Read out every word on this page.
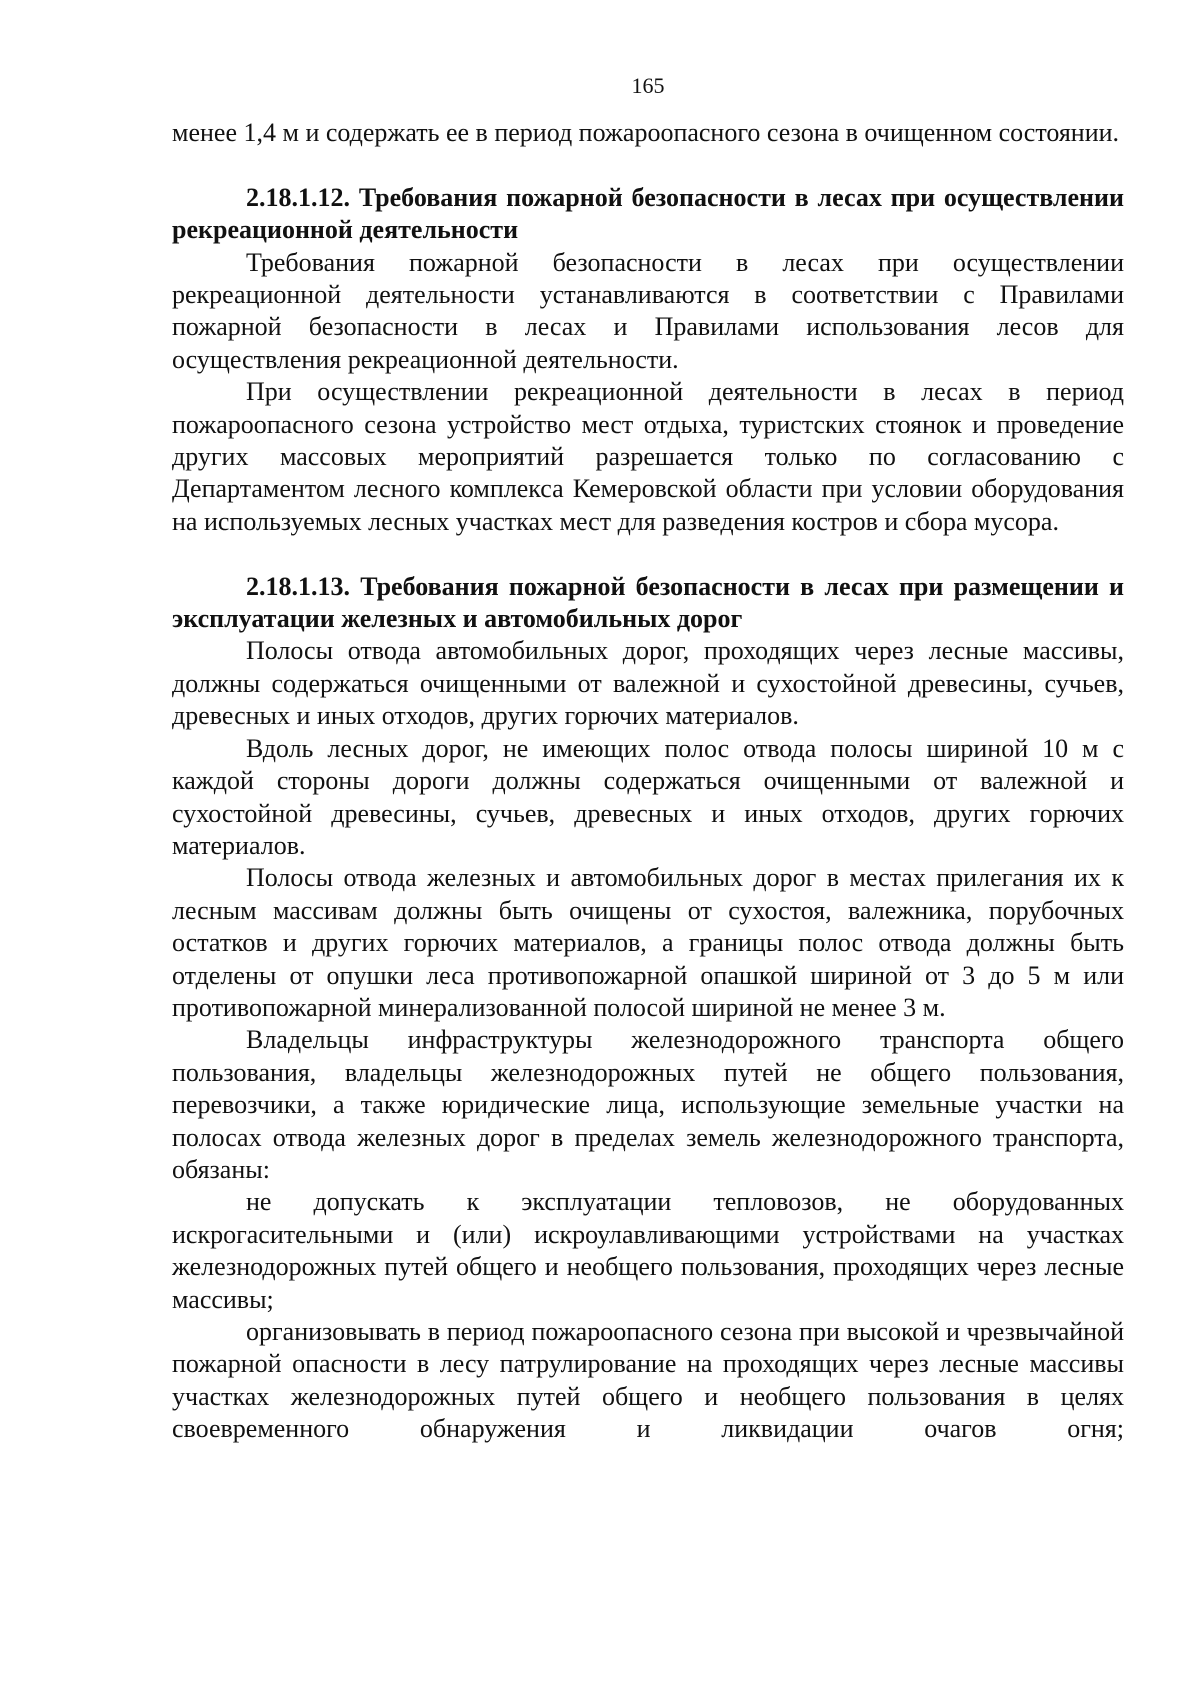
165

менее 1,4 м и содержать ее в период пожароопасного сезона в очищенном состоянии.

2.18.1.12. Требования пожарной безопасности в лесах при осуществлении рекреационной деятельности

Требования пожарной безопасности в лесах при осуществлении рекреационной деятельности устанавливаются в соответствии с Правилами пожарной безопасности в лесах и Правилами использования лесов для осуществления рекреационной деятельности.

При осуществлении рекреационной деятельности в лесах в период пожароопасного сезона устройство мест отдыха, туристских стоянок и проведение других массовых мероприятий разрешается только по согласованию с Департаментом лесного комплекса Кемеровской области при условии оборудования на используемых лесных участках мест для разведения костров и сбора мусора.

2.18.1.13. Требования пожарной безопасности в лесах при размещении и эксплуатации железных и автомобильных дорог

Полосы отвода автомобильных дорог, проходящих через лесные массивы, должны содержаться очищенными от валежной и сухостойной древесины, сучьев, древесных и иных отходов, других горючих материалов.

Вдоль лесных дорог, не имеющих полос отвода полосы шириной 10 м с каждой стороны дороги должны содержаться очищенными от валежной и сухостойной древесины, сучьев, древесных и иных отходов, других горючих материалов.

Полосы отвода железных и автомобильных дорог в местах прилегания их к лесным массивам должны быть очищены от сухостоя, валежника, порубочных остатков и других горючих материалов, а границы полос отвода должны быть отделены от опушки леса противопожарной опашкой шириной от 3 до 5 м или противопожарной минерализованной полосой шириной не менее 3 м.

Владельцы инфраструктуры железнодорожного транспорта общего пользования, владельцы железнодорожных путей не общего пользования, перевозчики, а также юридические лица, использующие земельные участки на полосах отвода железных дорог в пределах земель железнодорожного транспорта, обязаны:

не допускать к эксплуатации тепловозов, не оборудованных искрогасительными и (или) искроулавливающими устройствами на участках железнодорожных путей общего и необщего пользования, проходящих через лесные массивы;

организовывать в период пожароопасного сезона при высокой и чрезвычайной пожарной опасности в лесу патрулирование на проходящих через лесные массивы участках железнодорожных путей общего и необщего пользования в целях своевременного обнаружения и ликвидации очагов огня;
